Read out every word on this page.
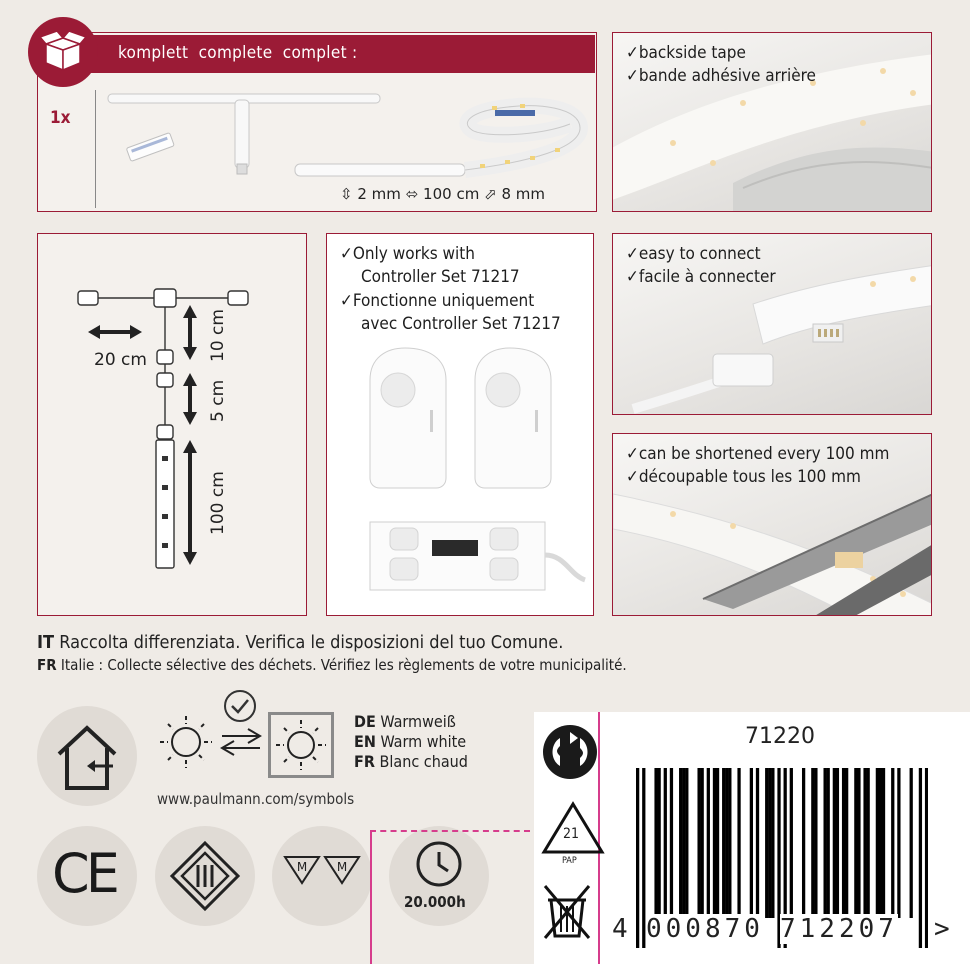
komplett  complete  complet :
1x
⇳ 2 mm ⬄ 100 cm ⬀ 8 mm
✓backside tape
✓bande adhésive arrière
20 cm	10 cm
5 cm
100 cm
✓Only works with
Controller Set 71217
✓Fonctionne uniquement
avec Controller Set 71217
✓easy to connect
✓facile à connecter
✓can be shortened every 100 mm
✓découpable tous les 100 mm
IT Raccolta differenziata. Verifica le disposizioni del tuo Comune.
FR Italie : Collecte sélective des déchets. Vérifiez les règlements de votre municipalité.
DE Warmweiß
EN Warm white
FR Blanc chaud
www.paulmann.com/symbols
CE	M M
20.000h
21
PAP
71220
4 000870 712207 >
